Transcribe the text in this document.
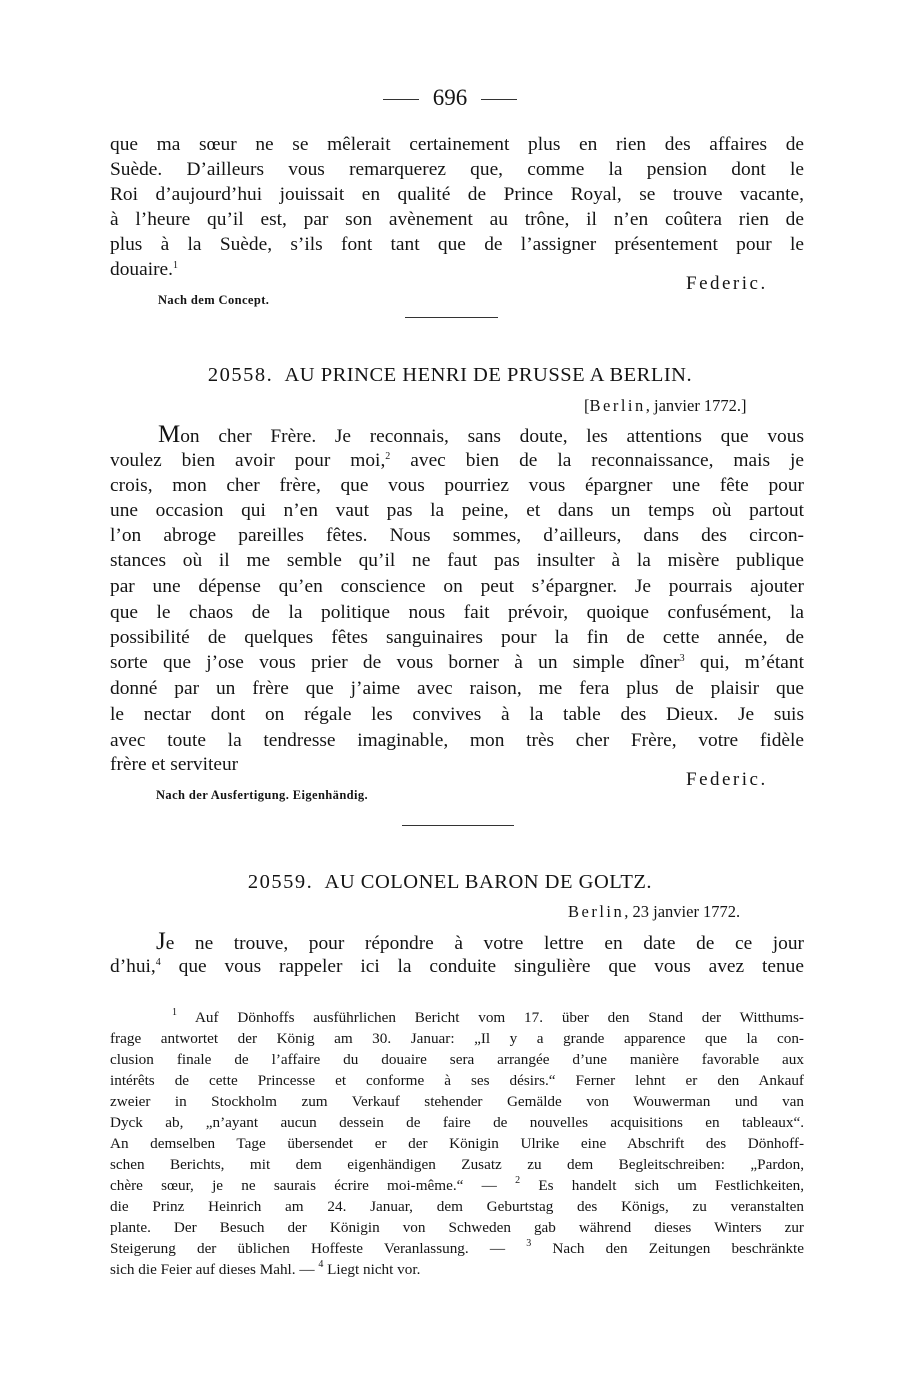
696
que ma sœur ne se mêlerait certainement plus en rien des affaires de
Suède. D’ailleurs vous remarquerez que, comme la pension dont le
Roi d’aujourd’hui jouissait en qualité de Prince Royal, se trouve vacante,
à l’heure qu’il est, par son avènement au trône, il n’en coûtera rien de
plus à la Suède, s’ils font tant que de l’assigner présentement pour le
douaire.$^1$
Federic.
Nach dem Concept.
20558. AU PRINCE HENRI DE PRUSSE A BERLIN.
[Berlin, janvier 1772.]
Mon cher Frère. Je reconnais, sans doute, les attentions que vous
voulez bien avoir pour moi,$^2$ avec bien de la reconnaissance, mais je
crois, mon cher frère, que vous pourriez vous épargner une fête pour
une occasion qui n’en vaut pas la peine, et dans un temps où partout
l’on abroge pareilles fêtes. Nous sommes, d’ailleurs, dans des circon-
stances où il me semble qu’il ne faut pas insulter à la misère publique
par une dépense qu’en conscience on peut s’épargner. Je pourrais ajouter
que le chaos de la politique nous fait prévoir, quoique confusément, la
possibilité de quelques fêtes sanguinaires pour la fin de cette année, de
sorte que j’ose vous prier de vous borner à un simple dîner$^3$ qui, m’étant
donné par un frère que j’aime avec raison, me fera plus de plaisir que
le nectar dont on régale les convives à la table des Dieux. Je suis
avec toute la tendresse imaginable, mon très cher Frère, votre fidèle
frère et serviteur
Federic.
Nach der Ausfertigung. Eigenhändig.
20559. AU COLONEL BARON DE GOLTZ.
Berlin, 23 janvier 1772.
Je ne trouve, pour répondre à votre lettre en date de ce jour
d’hui,$^4$ que vous rappeler ici la conduite singulière que vous avez tenue
$^1$ Auf Dönhoffs ausführlichen Bericht vom 17. über den Stand der Witthums-
frage antwortet der König am 30. Januar: „Il y a grande apparence que la con-
clusion finale de l’affaire du douaire sera arrangée d’une manière favorable aux
intérêts de cette Princesse et conforme à ses désirs.“ Ferner lehnt er den Ankauf
zweier in Stockholm zum Verkauf stehender Gemälde von Wouwerman und van
Dyck ab, „n’ayant aucun dessein de faire de nouvelles acquisitions en tableaux“.
An demselben Tage übersendet er der Königin Ulrike eine Abschrift des Dönhoff-
schen Berichts, mit dem eigenhändigen Zusatz zu dem Begleitschreiben: „Pardon,
chère sœur, je ne saurais écrire moi-même.“ — $^2$ Es handelt sich um Festlichkeiten,
die Prinz Heinrich am 24. Januar, dem Geburtstag des Königs, zu veranstalten
plante. Der Besuch der Königin von Schweden gab während dieses Winters zur
Steigerung der üblichen Hoffeste Veranlassung. — $^3$ Nach den Zeitungen beschränkte
sich die Feier auf dieses Mahl. — $^4$ Liegt nicht vor.
